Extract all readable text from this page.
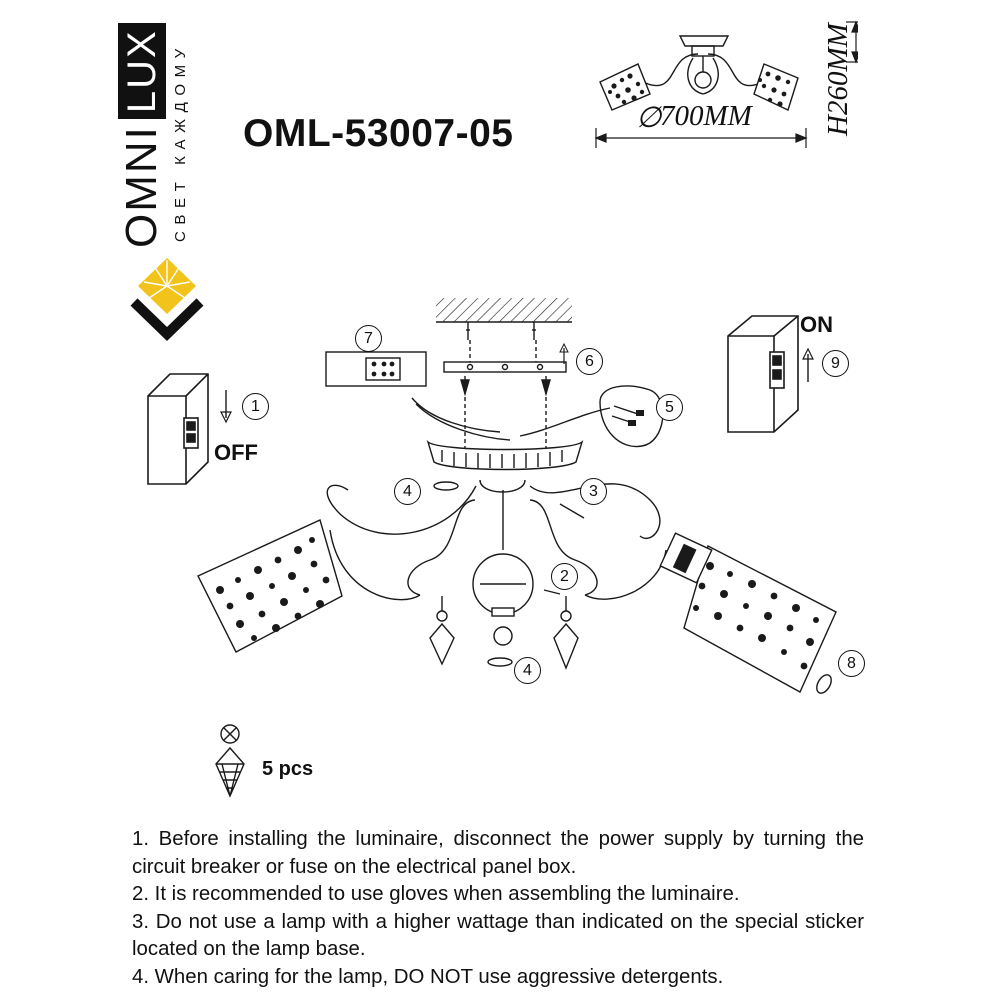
OMNI
LUX СВЕТ КАЖДОМУ OML-53007-05	∅
700MM H260MM
1
OFF
ON
9
7
6
5
4	3
2
4	8
5 pcs
1. Before installing the luminaire, disconnect the power supply by turning the circuit breaker or fuse on the electrical panel box.
2. It is recommended to use gloves when assembling the luminaire.
3. Do not use a lamp with a higher wattage than indicated on the special sticker located on the lamp base.
4. When caring for the lamp, DO NOT use aggressive detergents.
